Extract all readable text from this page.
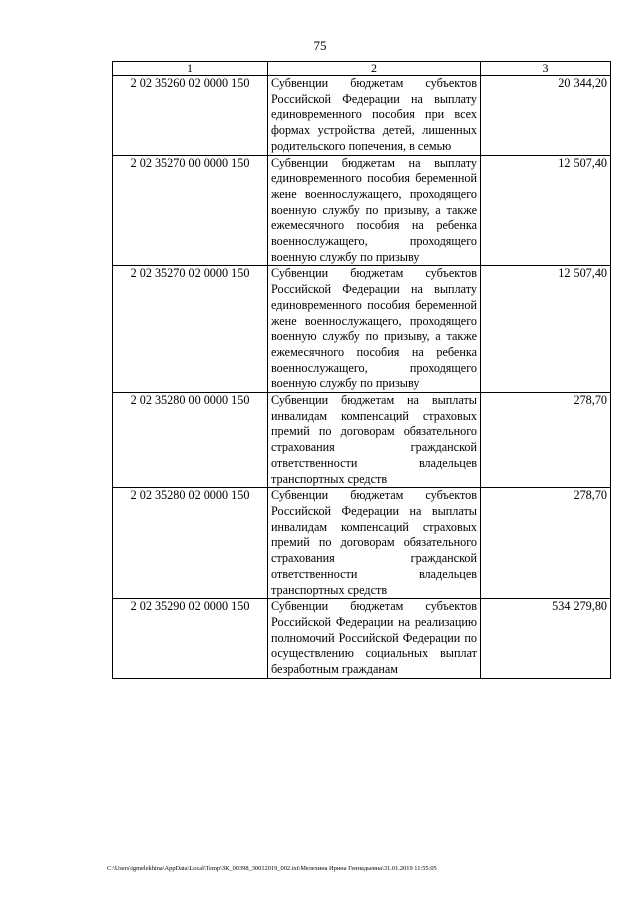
75
1	2	3
2 02 35260 02 0000 150	Субвенции бюджетам субъектов Российской Федерации на выплату единовременного пособия при всех формах устройства детей, лишенных родительского попечения, в семью	20 344,20
2 02 35270 00 0000 150	Субвенции бюджетам на выплату единовременного пособия беременной жене военнослужащего, проходящего военную службу по призыву, а также ежемесячного пособия на ребенка военнослужащего, проходящего военную службу по призыву	12 507,40
2 02 35270 02 0000 150	Субвенции бюджетам субъектов Российской Федерации на выплату единовременного пособия беременной жене военнослужащего, проходящего военную службу по призыву, а также ежемесячного пособия на ребенка военнослужащего, проходящего военную службу по призыву	12 507,40
2 02 35280 00 0000 150	Субвенции бюджетам на выплаты инвалидам компенсаций страховых премий по договорам обязательного страхования гражданской ответственности владельцев транспортных средств	278,70
2 02 35280 02 0000 150	Субвенции бюджетам субъектов Российской Федерации на выплаты инвалидам компенсаций страховых премий по договорам обязательного страхования гражданской ответственности владельцев транспортных средств	278,70
2 02 35290 02 0000 150	Субвенции бюджетам субъектов Российской Федерации на реализацию полномочий Российской Федерации по осуществлению социальных выплат безработным гражданам	534 279,80
C:\Users\igmelekhina\AppData\Local\Temp\ЗК_00398_30012019_002.txt\Мелехина Ирина Геннадьевна\31.01.2019 11:55:05
